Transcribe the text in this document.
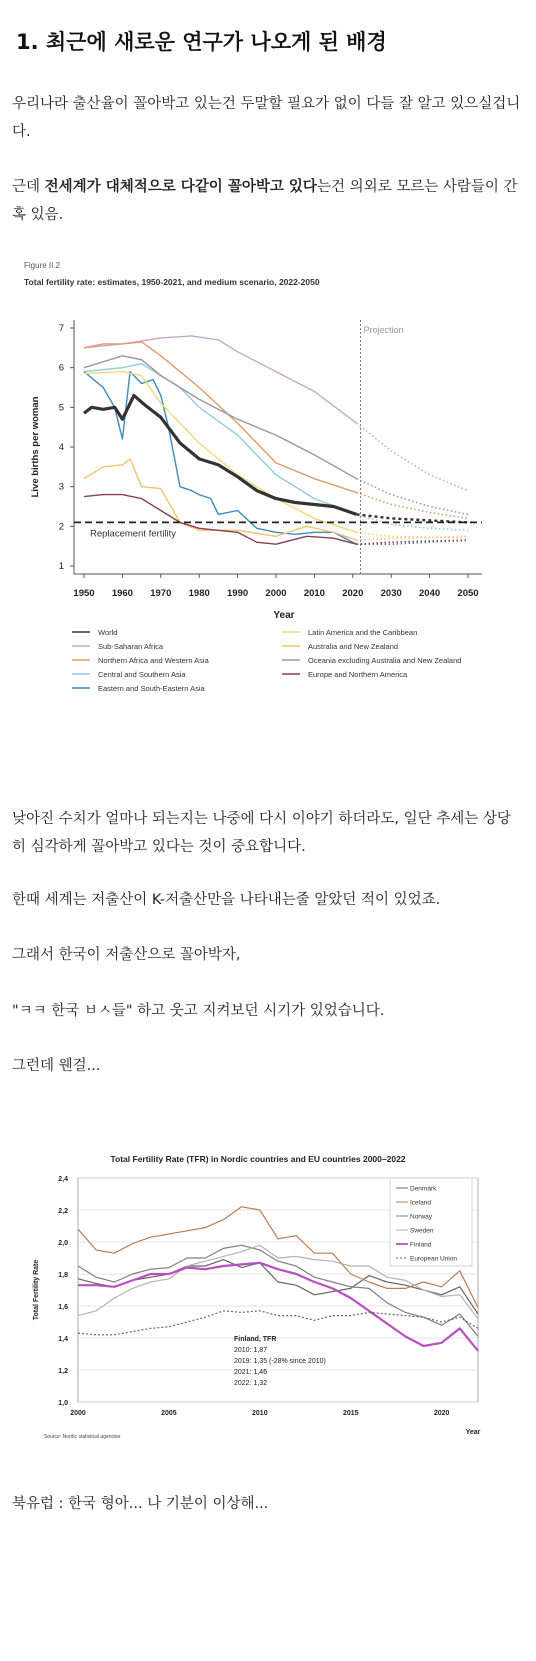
1. 최근에 새로운 연구가 나오게 된 배경
우리나라 출산율이 꼴아박고 있는건 두말할 필요가 없이 다들 잘 알고 있으실겁니다.
근데 전세계가 대체적으로 다같이 꼴아박고 있다는건 의외로 모르는 사람들이 간혹 있음.
Figure II.2
Total fertility rate: estimates, 1950-2021, and medium scenario, 2022-2050
1
2
3
4
5
6
7
1950 1960 1970 1980 1990 2000 2010 2020 2030 2040 2050
Year
Live births per woman
Projection
Replacement fertility
World
Sub-Saharan Africa
Northern Africa and Western Asia
Central and Southern Asia
Eastern and South-Eastern Asia
Latin America and the Caribbean
Australia and New Zealand
Oceania excluding Australia and New Zealand
Europe and Northern America
낮아진 수치가 얼마나 되는지는 나중에 다시 이야기 하더라도, 일단 추세는 상당히 심각하게 꼴아박고 있다는 것이 중요합니다.
한때 세계는 저출산이 K-저출산만을 나타내는줄 알았던 적이 있었죠.
그래서 한국이 저출산으로 꼴아박자,
"ㅋㅋ 한국 ㅂㅅ들" 하고 웃고 지켜보던 시기가 있었습니다.
그런데 웬걸...
Total Fertility Rate (TFR) in Nordic countries and EU countries 2000–2022
1,0
1,2
1,4
1,6
1,8
2,0
2,2
2,4
2000	2005	2010	2015	2020
Year
Total Fertility Rate
Source: Nordic statistical agencies
Denmark
Iceland
Norway
Sweden
Finland
European Union
Finland, TFR
2010: 1,87
2019: 1,35 (-28% since 2010)
2021: 1,46
2022: 1,32
북유럽 : 한국 형아... 나 기분이 이상해...
